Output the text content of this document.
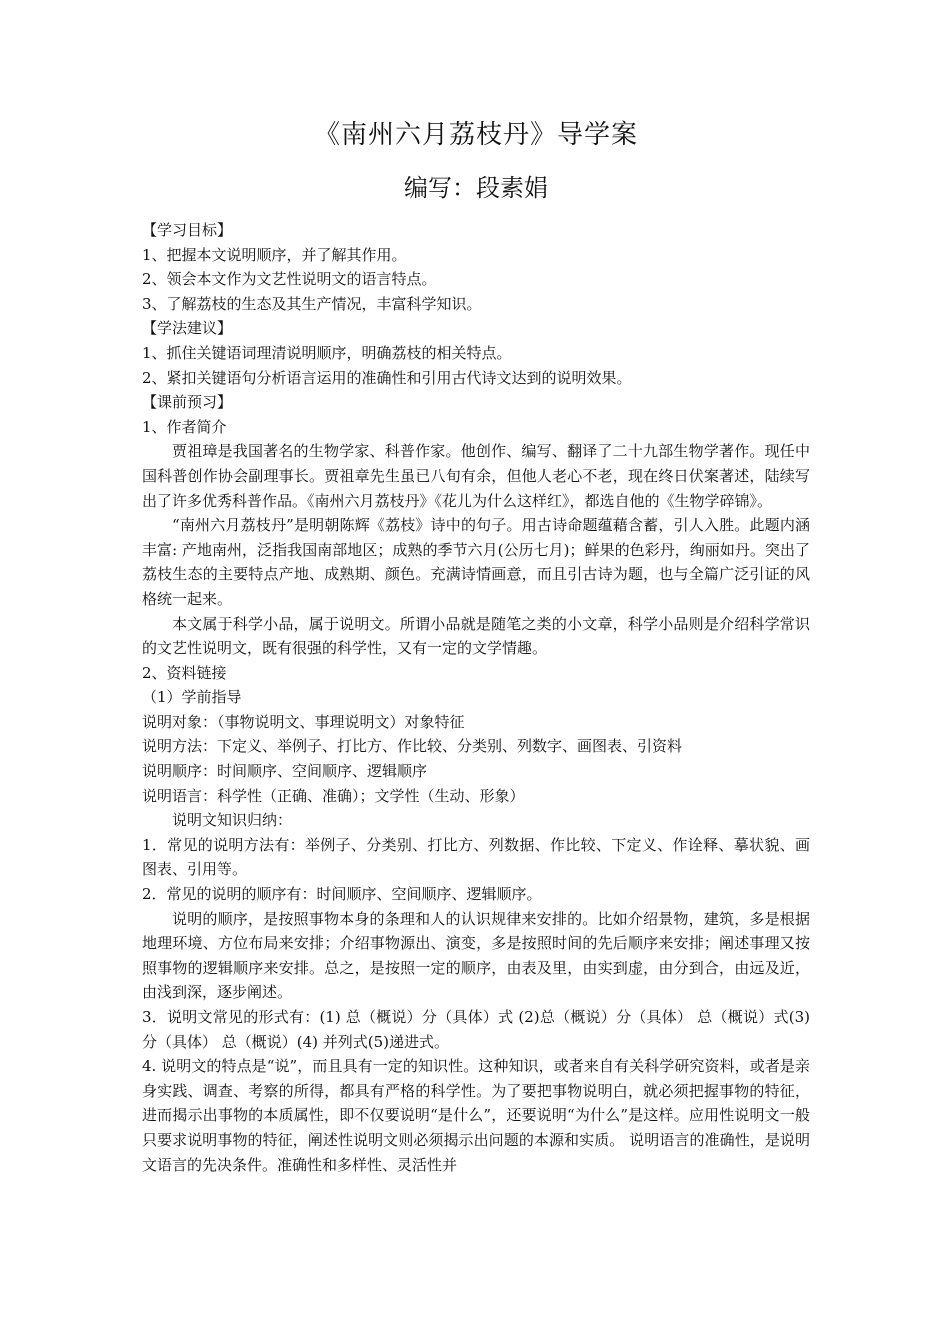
《南州六月荔枝丹》导学案
编写：段素娟

【学习目标】

1、把握本文说明顺序，并了解其作用。

2、领会本文作为文艺性说明文的语言特点。

3、了解荔枝的生态及其生产情况，丰富科学知识。

【学法建议】

1、抓住关键语词理清说明顺序，明确荔枝的相关特点。

2、紧扣关键语句分析语言运用的准确性和引用古代诗文达到的说明效果。

【课前预习】

1、作者简介

贾祖璋是我国著名的生物学家、科普作家。他创作、编写、翻译了二十九部生物学著作。现任中国科普创作协会副理事长。贾祖章先生虽已八旬有余，但他人老心不老，现在终日伏案著述，陆续写出了许多优秀科普作品。《南州六月荔枝丹》《花儿为什么这样红》，都选自他的《生物学碎锦》。

“南州六月荔枝丹”是明朝陈辉《荔枝》诗中的句子。用古诗命题蕴藉含蓄，引人入胜。此题内涵丰富: 产地南州，泛指我国南部地区；成熟的季节六月(公历七月)；鲜果的色彩丹，绚丽如丹。突出了荔枝生态的主要特点产地、成熟期、颜色。充满诗情画意，而且引古诗为题，也与全篇广泛引证的风格统一起来。

本文属于科学小品，属于说明文。所谓小品就是随笔之类的小文章，科学小品则是介绍科学常识的文艺性说明文，既有很强的科学性，又有一定的文学情趣。

2、资料链接

（1）学前指导

说明对象：（事物说明文、事理说明文）对象特征

说明方法：下定义、举例子、打比方、作比较、分类别、列数字、画图表、引资料

说明顺序：时间顺序、空间顺序、逻辑顺序

说明语言：科学性（正确、准确）；文学性（生动、形象）

说明文知识归纳：

1．常见的说明方法有：举例子、分类别、打比方、列数据、作比较、下定义、作诠释、摹状貌、画图表、引用等。

2．常见的说明的顺序有：时间顺序、空间顺序、逻辑顺序。

说明的顺序，是按照事物本身的条理和人的认识规律来安排的。比如介绍景物，建筑，多是根据地理环境、方位布局来安排；介绍事物源出、演变，多是按照时间的先后顺序来安排；阐述事理又按照事物的逻辑顺序来安排。总之，是按照一定的顺序，由表及里，由实到虚，由分到合，由远及近，由浅到深，逐步阐述。

3．说明文常见的形式有：(1) 总（概说）分（具体）式 (2)总（概说）分（具体） 总（概说）式(3) 分（具体） 总（概说）(4) 并列式(5)递进式。

4. 说明文的特点是“说”，而且具有一定的知识性。这种知识，或者来自有关科学研究资料，或者是亲身实践、调查、考察的所得，都具有严格的科学性。为了要把事物说明白，就必须把握事物的特征，进而揭示出事物的本质属性，即不仅要说明“是什么”，还要说明“为什么”是这样。应用性说明文一般只要求说明事物的特征，阐述性说明文则必须揭示出问题的本源和实质。 说明语言的准确性，是说明文语言的先决条件。准确性和多样性、灵活性并
